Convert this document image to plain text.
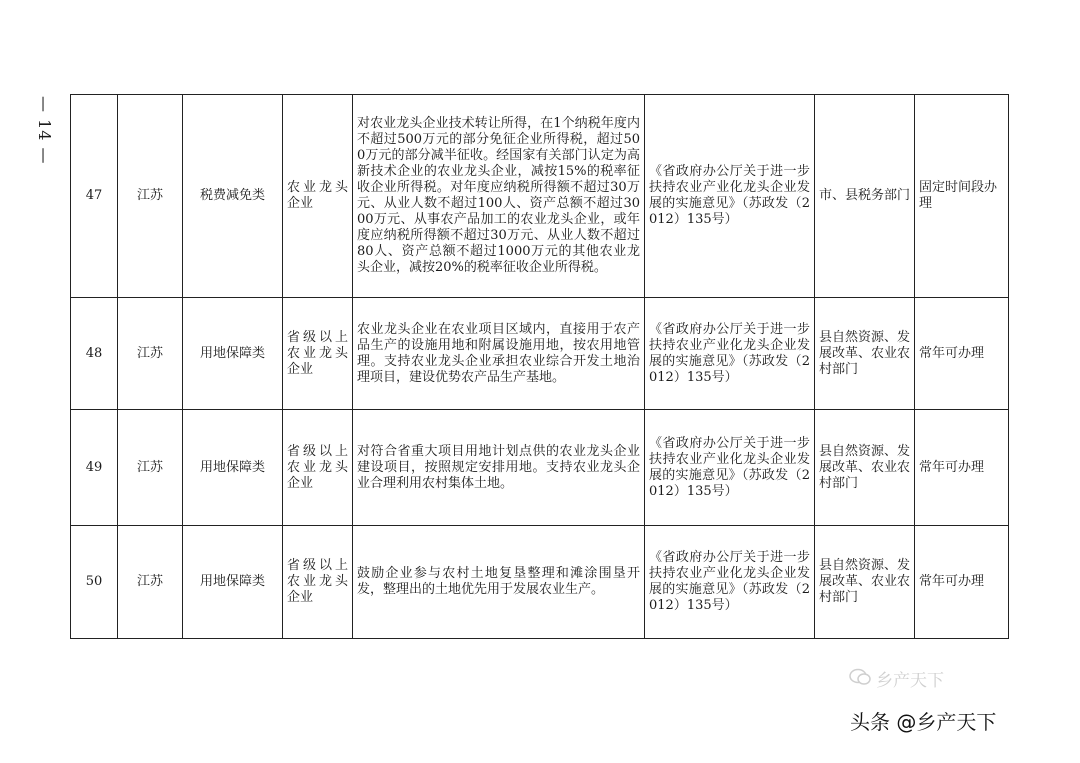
— 14 —
47	江苏	税费减免类	农业龙头企业	对农业龙头企业技术转让所得，在1个纳税年度内不超过500万元的部分免征企业所得税，超过500万元的部分减半征收。经国家有关部门认定为高新技术企业的农业龙头企业，减按15%的税率征收企业所得税。对年度应纳税所得额不超过30万元、从业人数不超过100人、资产总额不超过3000万元、从事农产品加工的农业龙头企业，或年度应纳税所得额不超过30万元、从业人数不超过80人、资产总额不超过1000万元的其他农业龙头企业，减按20%的税率征收企业所得税。	《省政府办公厅关于进一步扶持农业产业化龙头企业发展的实施意见》（苏政发（2012）135号）	市、县税务部门	固定时间段办理
48	江苏	用地保障类	省级以上农业龙头企业	农业龙头企业在农业项目区域内，直接用于农产品生产的设施用地和附属设施用地，按农用地管理。支持农业龙头企业承担农业综合开发土地治理项目，建设优势农产品生产基地。	《省政府办公厅关于进一步扶持农业产业化龙头企业发展的实施意见》（苏政发（2012）135号）	县自然资源、发展改革、农业农村部门	常年可办理
49	江苏	用地保障类	省级以上农业龙头企业	对符合省重大项目用地计划点供的农业龙头企业建设项目，按照规定安排用地。支持农业龙头企业合理利用农村集体土地。	《省政府办公厅关于进一步扶持农业产业化龙头企业发展的实施意见》（苏政发（2012）135号）	县自然资源、发展改革、农业农村部门	常年可办理
50	江苏	用地保障类	省级以上农业龙头企业	鼓励企业参与农村土地复垦整理和滩涂围垦开发，整理出的土地优先用于发展农业生产。	《省政府办公厅关于进一步扶持农业产业化龙头企业发展的实施意见》（苏政发（2012）135号）	县自然资源、发展改革、农业农村部门	常年可办理
乡产天下
头条 @乡产天下
